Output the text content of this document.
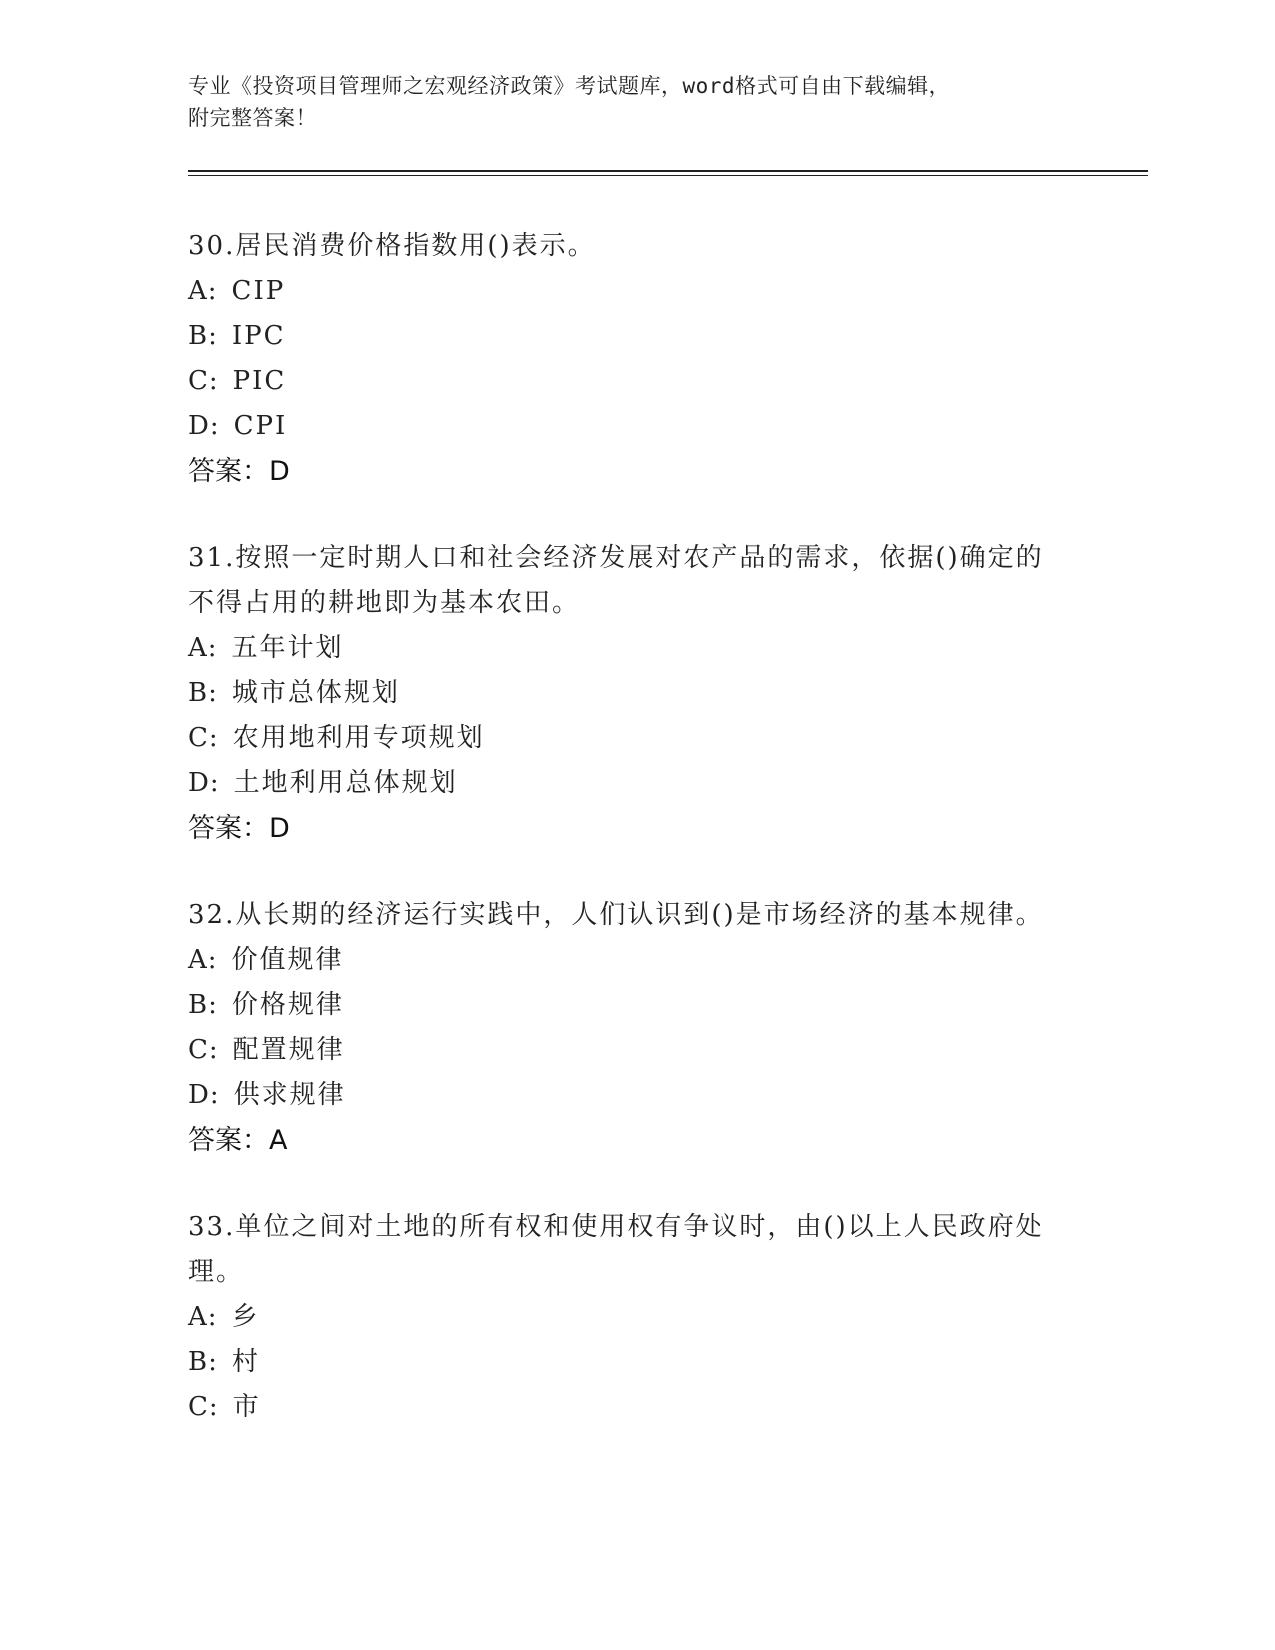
专业《投资项目管理师之宏观经济政策》考试题库，word格式可自由下载编辑，
附完整答案！
30.居民消费价格指数用()表示。
A: CIP
B: IPC
C: PIC
D: CPI
答案：D
31.按照一定时期人口和社会经济发展对农产品的需求，依据()确定的不得占用的耕地即为基本农田。
A: 五年计划
B: 城市总体规划
C: 农用地利用专项规划
D: 土地利用总体规划
答案：D
32.从长期的经济运行实践中，人们认识到()是市场经济的基本规律。
A: 价值规律
B: 价格规律
C: 配置规律
D: 供求规律
答案：A
33.单位之间对土地的所有权和使用权有争议时，由()以上人民政府处理。
A: 乡
B: 村
C: 市
